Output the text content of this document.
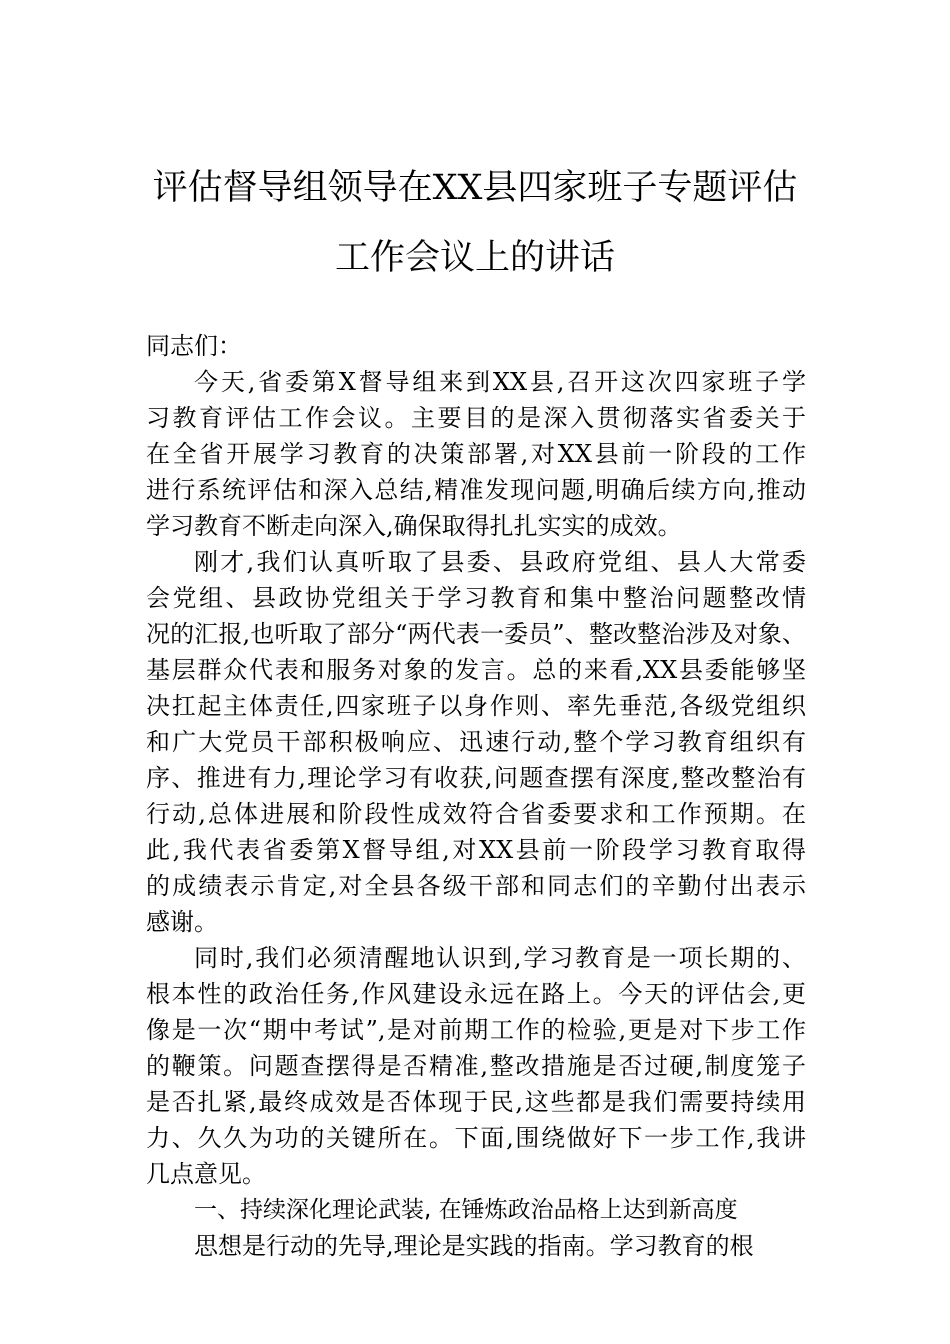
评估督导组领导在XX县四家班子专题评估
工作会议上的讲话
同志们：
今天,省委第X督导组来到XX县,召开这次四家班子学
习教育评估工作会议。主要目的是深入贯彻落实省委关于
在全省开展学习教育的决策部署,对XX县前一阶段的工作
进行系统评估和深入总结,精准发现问题,明确后续方向,推动
学习教育不断走向深入,确保取得扎扎实实的成效。
刚才,我们认真听取了县委、县政府党组、县人大常委
会党组、县政协党组关于学习教育和集中整治问题整改情
况的汇报,也听取了部分“两代表一委员”、整改整治涉及对象、
基层群众代表和服务对象的发言。总的来看,XX县委能够坚
决扛起主体责任,四家班子以身作则、率先垂范,各级党组织
和广大党员干部积极响应、迅速行动,整个学习教育组织有
序、推进有力,理论学习有收获,问题查摆有深度,整改整治有
行动,总体进展和阶段性成效符合省委要求和工作预期。在
此,我代表省委第X督导组,对XX县前一阶段学习教育取得
的成绩表示肯定,对全县各级干部和同志们的辛勤付出表示
感谢。
同时,我们必须清醒地认识到,学习教育是一项长期的、
根本性的政治任务,作风建设永远在路上。今天的评估会,更
像是一次“期中考试”,是对前期工作的检验,更是对下步工作
的鞭策。问题查摆得是否精准,整改措施是否过硬,制度笼子
是否扎紧,最终成效是否体现于民,这些都是我们需要持续用
力、久久为功的关键所在。下面,围绕做好下一步工作,我讲
几点意见。
一、持续深化理论武装, 在锤炼政治品格上达到新高度
思想是行动的先导,理论是实践的指南。学习教育的根
